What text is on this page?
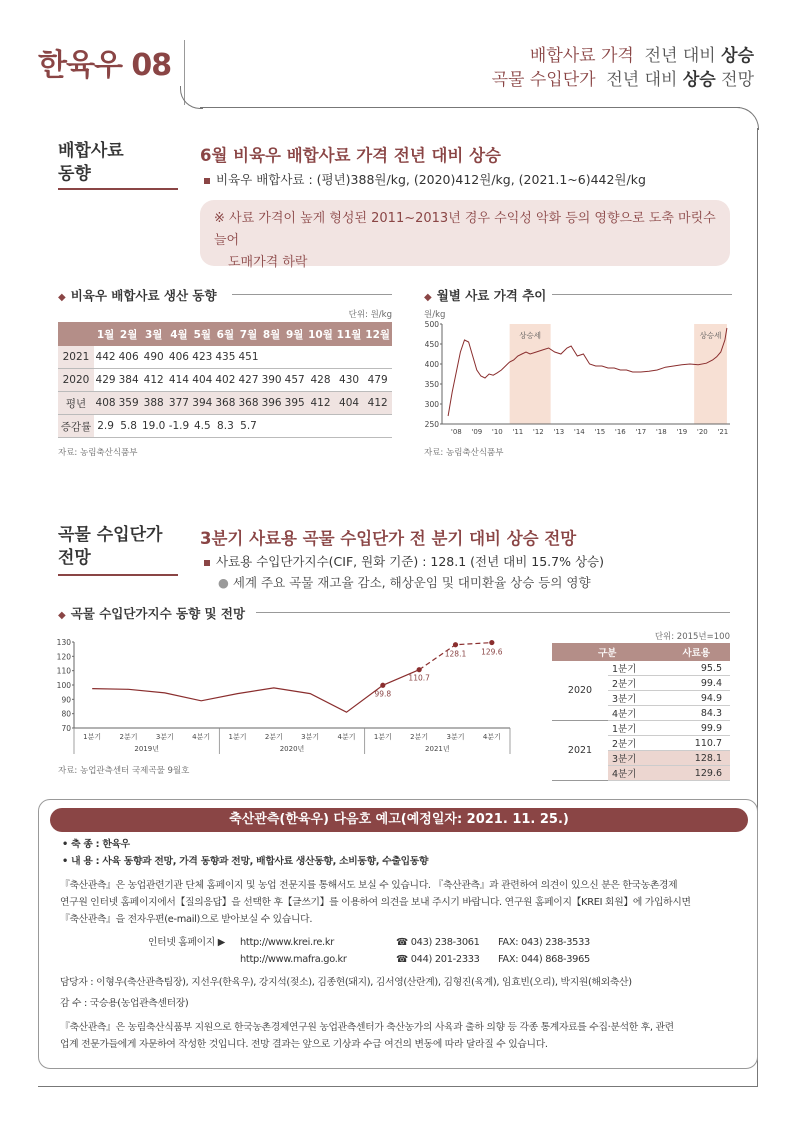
한육우 08	배합사료 가격 전년 대비 상승
곡물 수입단가 전년 대비 상승 전망
배합사료
동향
6월 비육우 배합사료 가격 전년 대비 상승
비육우 배합사료 : (평년)388원/kg, (2020)412원/kg, (2021.1~6)442원/kg
※ 사료 가격이 높게 형성된 2011~2013년 경우 수익성 악화 등의 영향으로 도축 마릿수 늘어
도매가격 하락
◆ 비육우 배합사료 생산 동향
단위: 원/kg
	1월	2월	3월	4월	5월	6월	7월	8월	9월	10월	11월	12월
2021	442	406	490	406	423	435	451					
2020	429	384	412	414	404	402	427	390	457	428	430	479
평년	408	359	388	377	394	368	368	396	395	412	404	412
증감률	2.9	5.8	19.0	-1.9	4.5	8.3	5.7					
자료: 농림축산식품부
◆ 월별 사료 가격 추이
원/kg
상승세	상승세
250
300
350
400
450
500
'08 '09 '10 '11 '12 '13 '14 '15 '16 '17 '18 '19 '20 '21
자료: 농림축산식품부
곡물 수입단가
전망
3분기 사료용 곡물 수입단가 전 분기 대비 상승 전망
사료용 수입단가지수(CIF, 원화 기준) : 128.1 (전년 대비 15.7% 상승)
● 세계 주요 곡물 재고율 감소, 해상운임 및 대미환율 상승 등의 영향
◆ 곡물 수입단가지수 동향 및 전망
70
80
90
100
110
120
130
1분기	2분기	3분기	4분기	1분기	2분기	3분기	4분기	1분기	2분기	3분기	4분기
2019년	2020년	2021년
99.8
110.7
128.1 129.6
자료: 농업관측센터 국제곡물 9월호
단위: 2015년=100
구분		사료용
2020	1분기	95.5
	2분기	99.4
	3분기	94.9
	4분기	84.3
2021	1분기	99.9
	2분기	110.7
	3분기	128.1
	4분기	129.6
축산관측(한육우) 다음호 예고(예정일자: 2021. 11. 25.)
• 축 종 : 한육우
• 내 용 : 사육 동향과 전망, 가격 동향과 전망, 배합사료 생산동향, 소비동향, 수출입동향
『축산관측』은 농업관련기관 단체 홈페이지 및 농업 전문지를 통해서도 보실 수 있습니다. 『축산관측』과 관련하여 의견이 있으신 분은 한국농촌경제
연구원 인터넷 홈페이지에서【질의응답】을 선택한 후【글쓰기】를 이용하여 의견을 보내 주시기 바랍니다. 연구원 홈페이지【KREI 회원】에 가입하시면
『축산관측』을 전자우편(e-mail)으로 받아보실 수 있습니다.
인터넷 홈페이지 ▶ http://www.krei.re.kr
http://www.mafra.go.kr
☎ 043) 238-3061
☎ 044) 201-2333
FAX: 043) 238-3533
FAX: 044) 868-3965
담당자 : 이형우(축산관측팀장), 지선우(한육우), 강지석(젖소), 김종현(돼지), 김서영(산란계), 김형진(육계), 임효빈(오리), 박지원(해외축산)
감 수 : 국승용(농업관측센터장)
『축산관측』은 농림축산식품부 지원으로 한국농촌경제연구원 농업관측센터가 축산농가의 사육과 출하 의향 등 각종 통계자료를 수집·분석한 후, 관련
업계 전문가들에게 자문하여 작성한 것입니다. 전망 결과는 앞으로 기상과 수급 여건의 변동에 따라 달라질 수 있습니다.
